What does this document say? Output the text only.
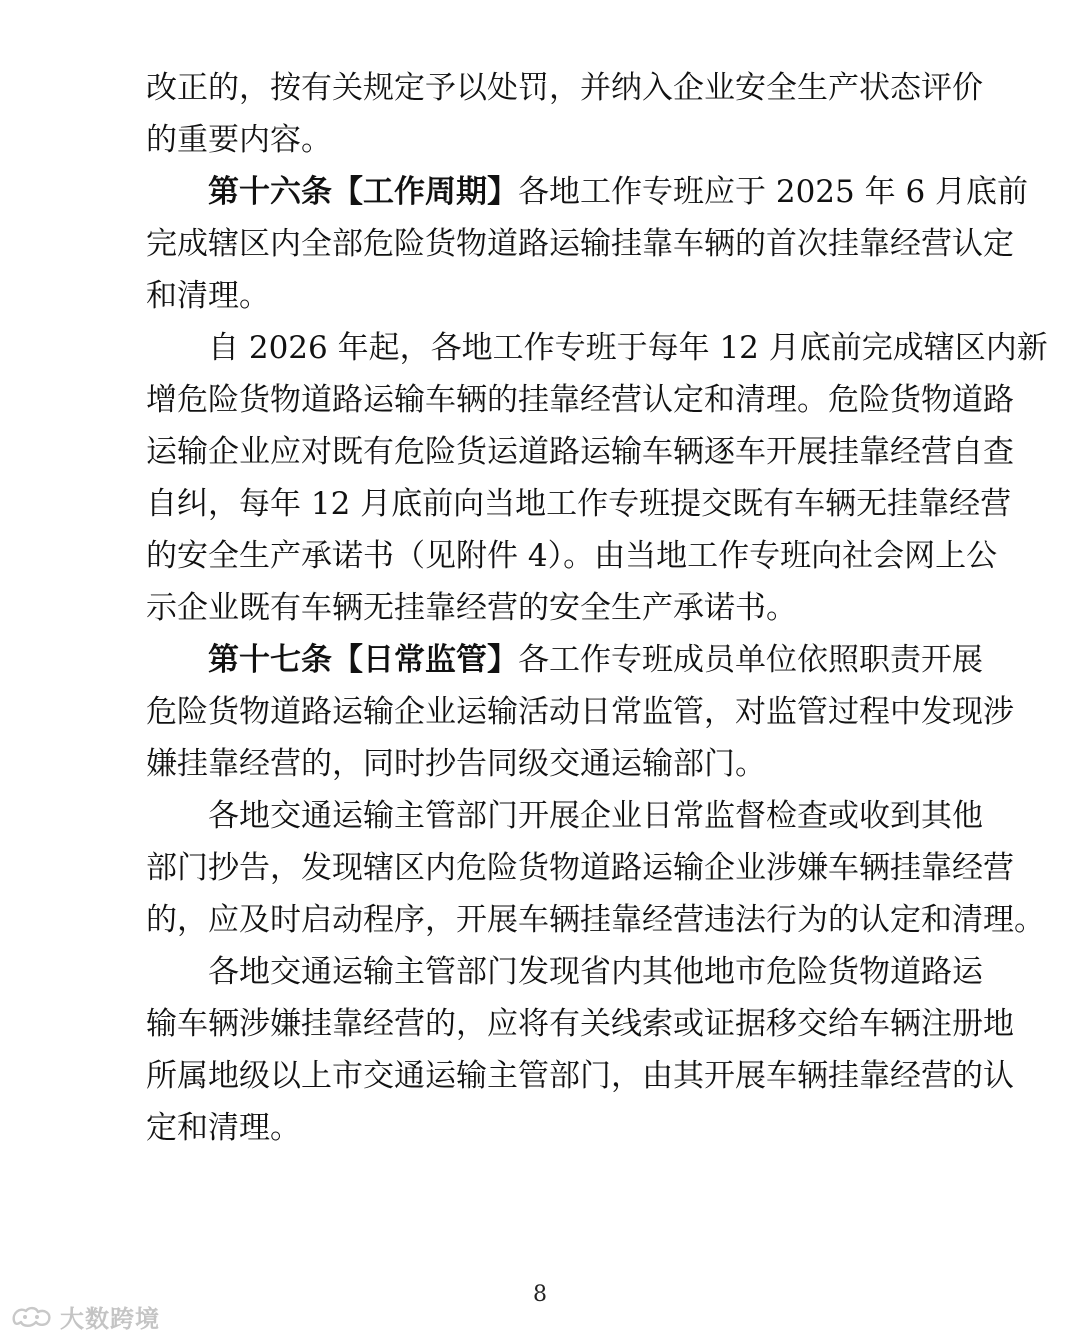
改正的，按有关规定予以处罚，并纳入企业安全生产状态评价
的重要内容。
第十六条【工作周期】各地工作专班应于 2025 年 6 月底前
完成辖区内全部危险货物道路运输挂靠车辆的首次挂靠经营认定
和清理。
自 2026 年起，各地工作专班于每年 12 月底前完成辖区内新
增危险货物道路运输车辆的挂靠经营认定和清理。危险货物道路
运输企业应对既有危险货运道路运输车辆逐车开展挂靠经营自查
自纠，每年 12 月底前向当地工作专班提交既有车辆无挂靠经营
的安全生产承诺书（见附件 4）。由当地工作专班向社会网上公
示企业既有车辆无挂靠经营的安全生产承诺书。
第十七条【日常监管】各工作专班成员单位依照职责开展
危险货物道路运输企业运输活动日常监管，对监管过程中发现涉
嫌挂靠经营的，同时抄告同级交通运输部门。
各地交通运输主管部门开展企业日常监督检查或收到其他
部门抄告，发现辖区内危险货物道路运输企业涉嫌车辆挂靠经营
的，应及时启动程序，开展车辆挂靠经营违法行为的认定和清理。
各地交通运输主管部门发现省内其他地市危险货物道路运
输车辆涉嫌挂靠经营的，应将有关线索或证据移交给车辆注册地
所属地级以上市交通运输主管部门，由其开展车辆挂靠经营的认
定和清理。
8
大数跨境
